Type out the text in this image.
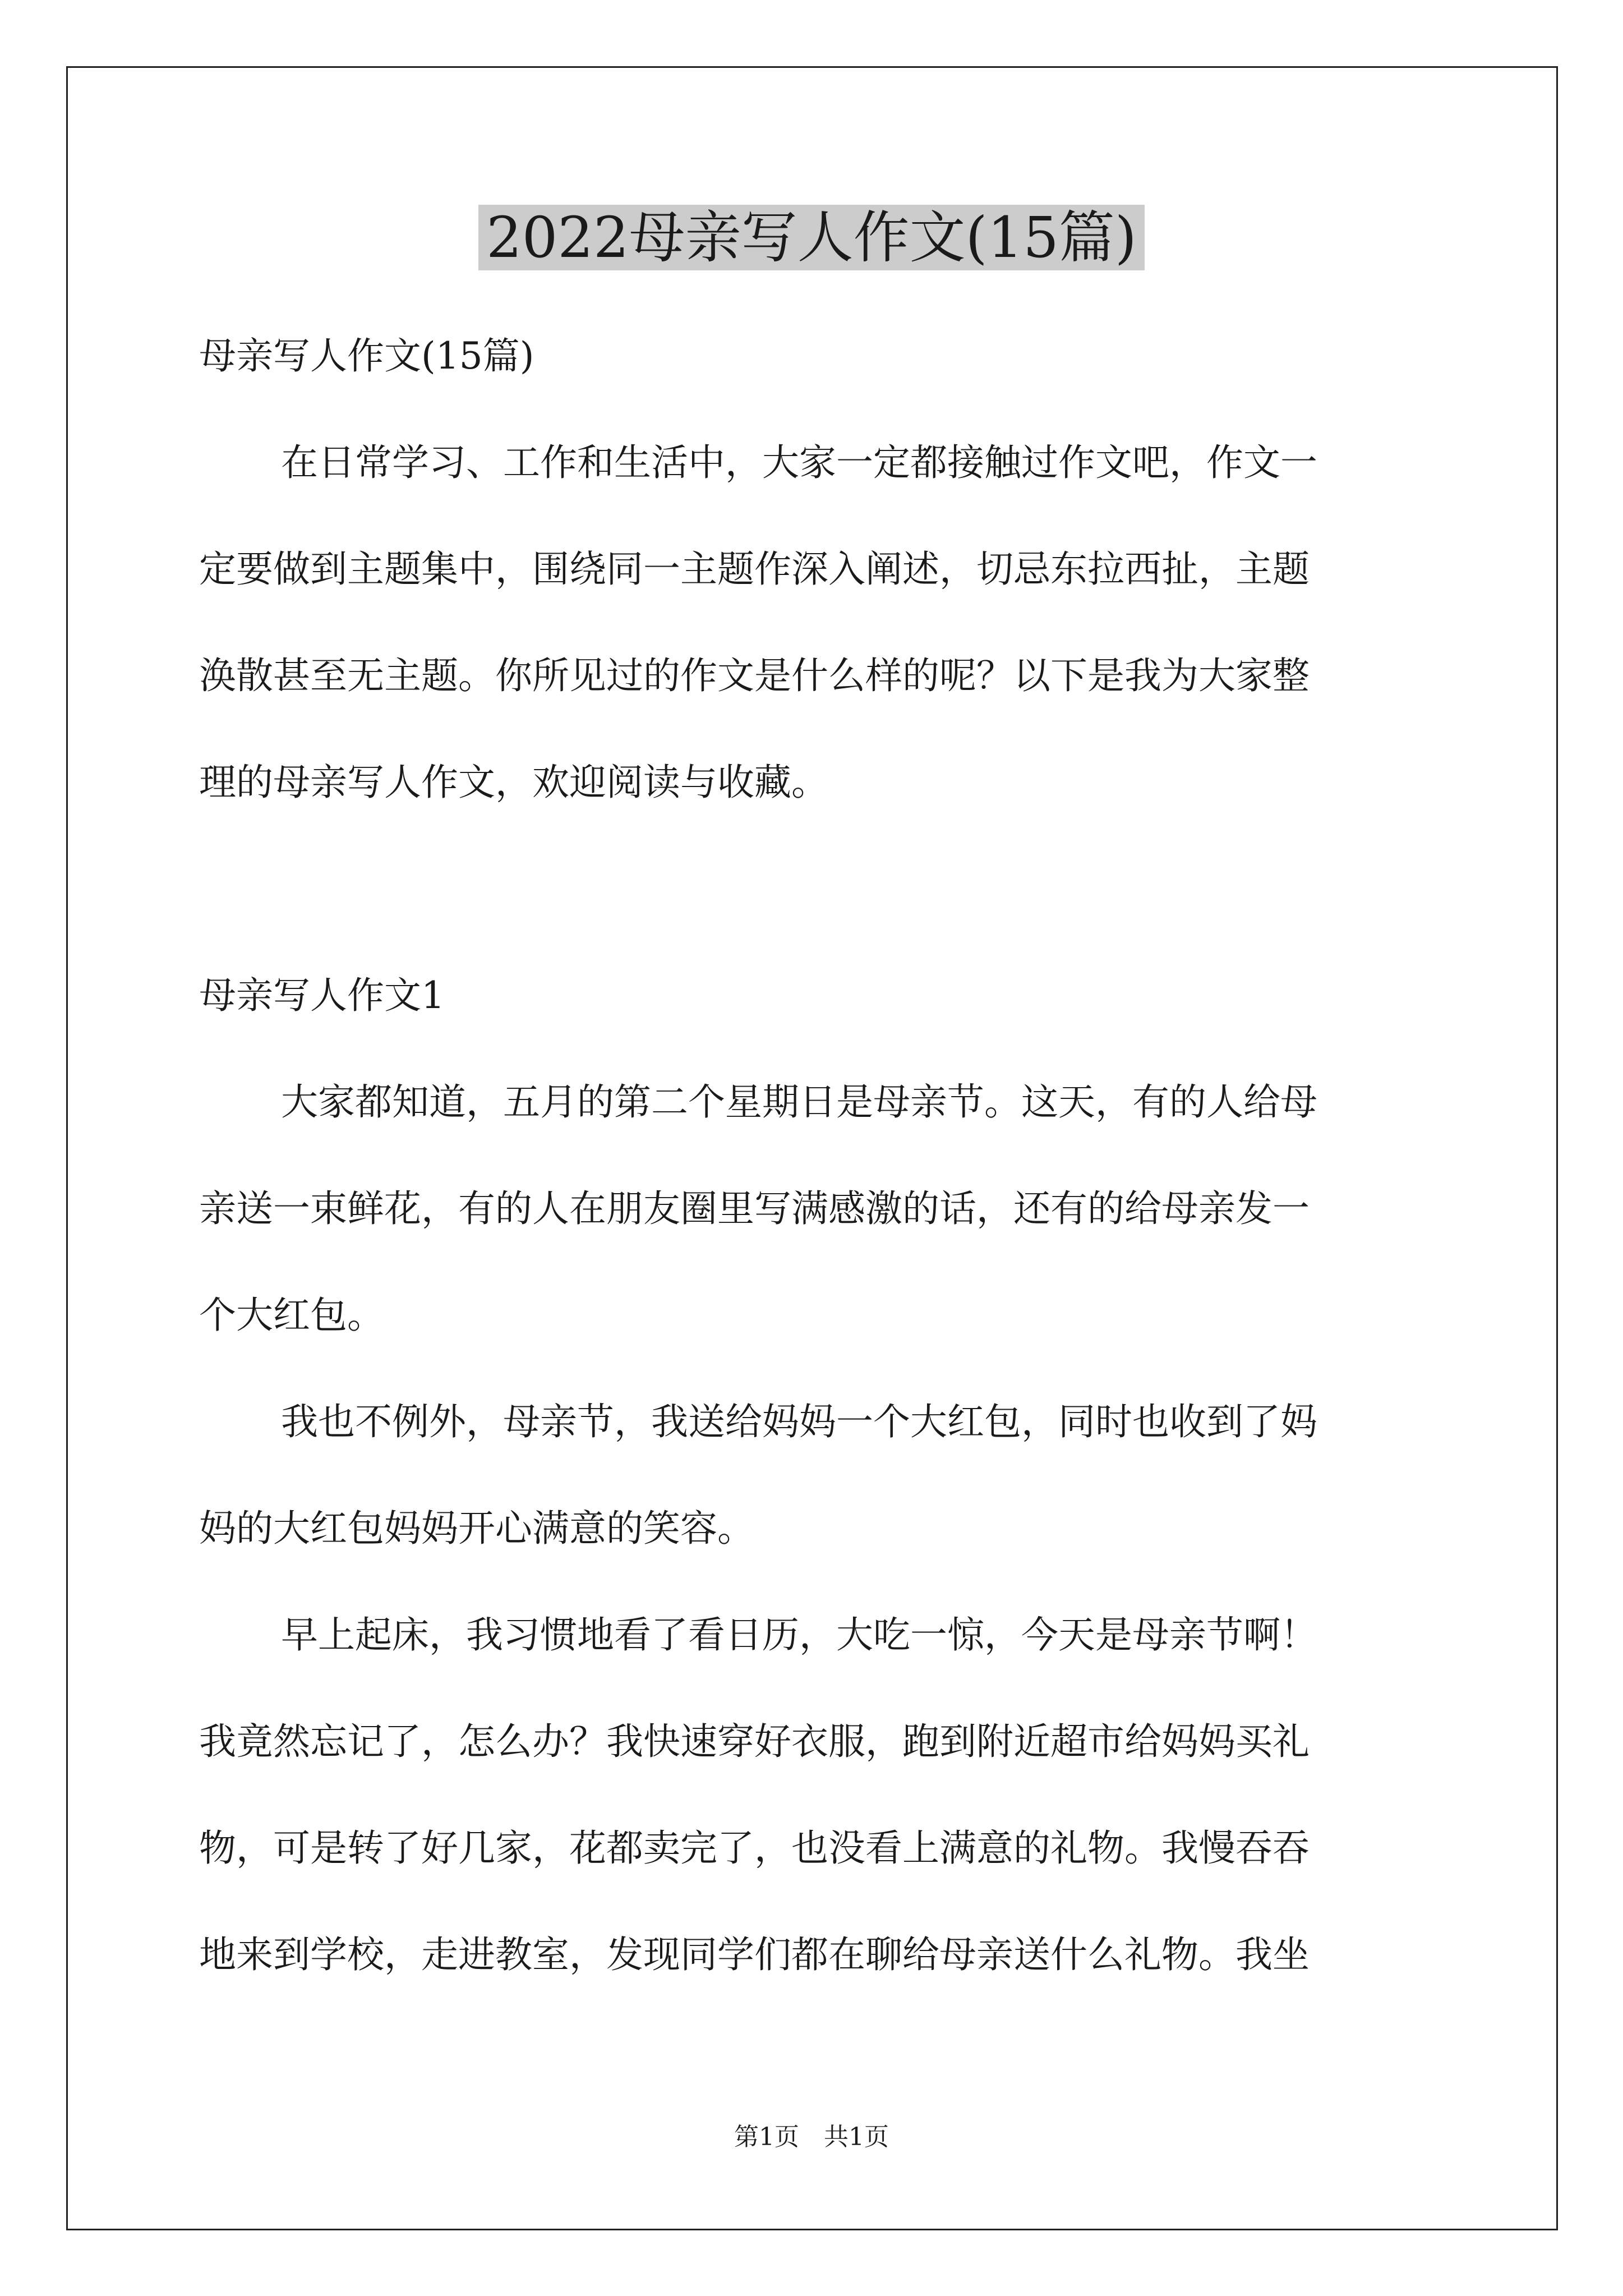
2022母亲写人作文(15篇)

母亲写人作文(15篇)

在日常学习、工作和生活中，大家一定都接触过作文吧，作文一

定要做到主题集中，围绕同一主题作深入阐述，切忌东拉西扯，主题

涣散甚至无主题。你所见过的作文是什么样的呢？以下是我为大家整

理的母亲写人作文，欢迎阅读与收藏。

母亲写人作文1

大家都知道，五月的第二个星期日是母亲节。这天，有的人给母

亲送一束鲜花，有的人在朋友圈里写满感激的话，还有的给母亲发一

个大红包。

我也不例外，母亲节，我送给妈妈一个大红包，同时也收到了妈

妈的大红包妈妈开心满意的笑容。

早上起床，我习惯地看了看日历，大吃一惊，今天是母亲节啊！

我竟然忘记了，怎么办？我快速穿好衣服，跑到附近超市给妈妈买礼

物，可是转了好几家，花都卖完了，也没看上满意的礼物。我慢吞吞

地来到学校，走进教室，发现同学们都在聊给母亲送什么礼物。我坐

第1页　共1页
